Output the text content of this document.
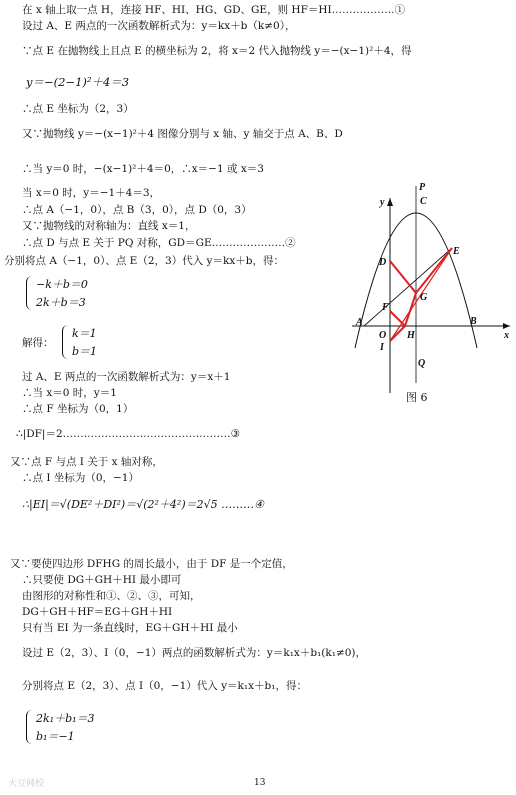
在 x 轴上取一点 H，连接 HF、HI、HG、GD、GE，则 HF＝HI………………①
设过 A、E 两点的一次函数解析式为：y＝kx＋b（k≠0），
∵点 E 在抛物线上且点 E 的横坐标为 2，将 x＝2 代入抛物线 y＝−(x−1)²＋4，得
y＝−(2−1)²＋4＝3
∴点 E 坐标为（2，3）
又∵抛物线 y＝−(x−1)²＋4 图像分别与 x 轴、y 轴交于点 A、B、D
∴当 y＝0 时，−(x−1)²＋4＝0，∴x＝−1 或 x＝3
当 x＝0 时，y＝−1＋4＝3，
∴点 A（−1，0），点 B（3，0），点 D（0，3）
又∵抛物线的对称轴为：直线 x＝1，
∴点 D 与点 E 关于 PQ 对称，GD＝GE…………………②
分别将点 A（−1，0）、点 E（2，3）代入 y＝kx＋b，得：
−k＋b＝0
2k＋b＝3
解得：
k＝1
b＝1
过 A、E 两点的一次函数解析式为：y＝x＋1
∴当 x＝0 时，y＝1
∴点 F 坐标为（0，1）
∴|DF|＝2…………………………………………③
又∵点 F 与点 I 关于 x 轴对称，
∴点 I 坐标为（0，−1）
∴|EI|＝√(DE²＋DI²)＝√(2²＋4²)＝2√5 ………④
又∵要使四边形 DFHG 的周长最小，由于 DF 是一个定值，
∴只要使 DG＋GH＋HI 最小即可
由图形的对称性和①、②、③，可知，
DG＋GH＋HF＝EG＋GH＋HI
只有当 EI 为一条直线时，EG＋GH＋HI 最小
设过 E（2，3）、I（0，−1）两点的函数解析式为：y＝k₁x＋b₁(k₁≠0)，
分别将点 E（2，3）、点 I（0，−1）代入 y＝k₁x＋b₁，得：
2k₁＋b₁＝3
b₁＝−1
P
C
y
D
E
G
F
A
O H
I
B
x
Q
图 6
13
大豆网校
